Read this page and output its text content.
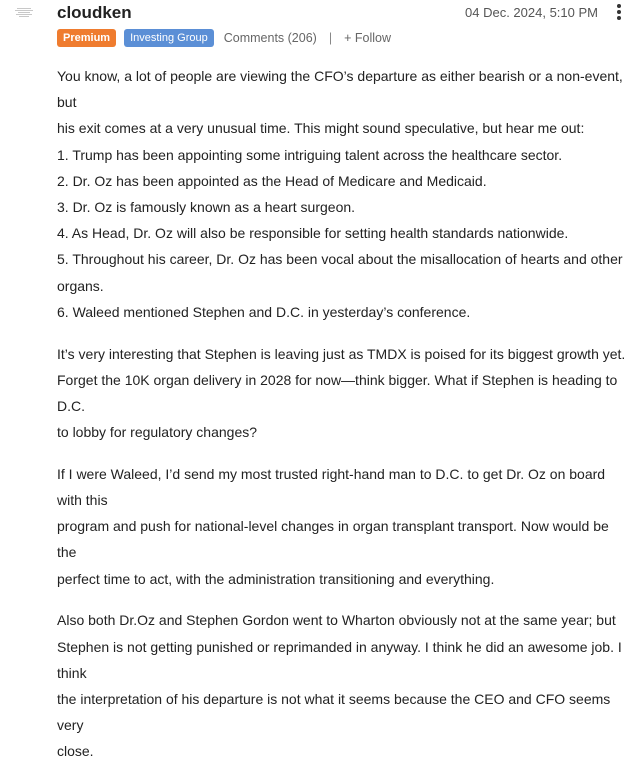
cloudken	04 Dec. 2024, 5:10 PM
Premium	Investing Group	Comments (206) | + Follow

You know, a lot of people are viewing the CFO’s departure as either bearish or a non-event, but

his exit comes at a very unusual time. This might sound speculative, but hear me out:

1. Trump has been appointing some intriguing talent across the healthcare sector.

2. Dr. Oz has been appointed as the Head of Medicare and Medicaid.

3. Dr. Oz is famously known as a heart surgeon.

4. As Head, Dr. Oz will also be responsible for setting health standards nationwide.

5. Throughout his career, Dr. Oz has been vocal about the misallocation of hearts and other

organs.

6. Waleed mentioned Stephen and D.C. in yesterday’s conference.

It’s very interesting that Stephen is leaving just as TMDX is poised for its biggest growth yet.

Forget the 10K organ delivery in 2028 for now—think bigger. What if Stephen is heading to D.C.

to lobby for regulatory changes?

If I were Waleed, I’d send my most trusted right-hand man to D.C. to get Dr. Oz on board with this

program and push for national-level changes in organ transplant transport. Now would be the

perfect time to act, with the administration transitioning and everything.

Also both Dr.Oz and Stephen Gordon went to Wharton obviously not at the same year; but

Stephen is not getting punished or reprimanded in anyway. I think he did an awesome job. I think

the interpretation of his departure is not what it seems because the CEO and CFO seems very

close.
